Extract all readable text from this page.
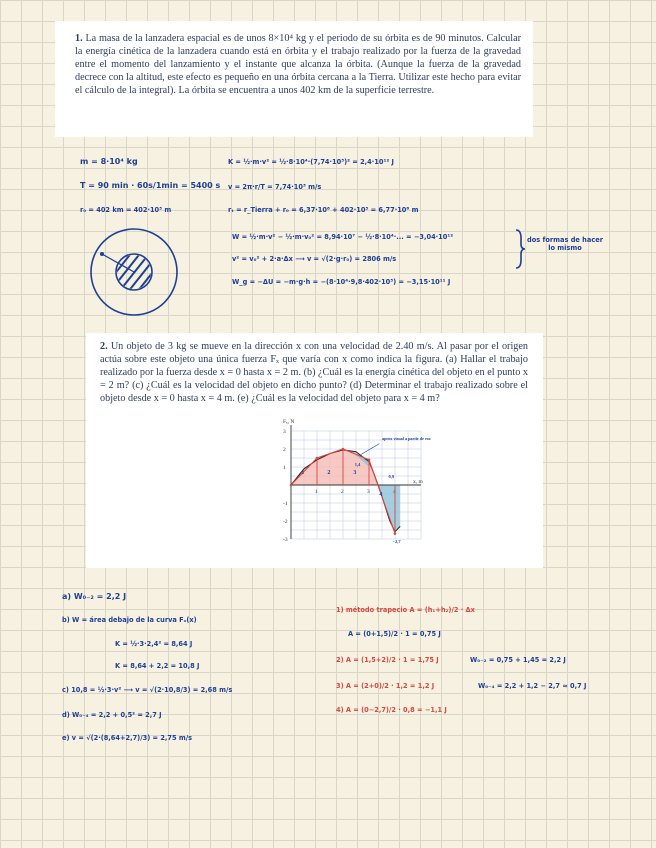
1. La masa de la lanzadera espacial es de unos 8×10⁴ kg y el periodo de su órbita es de 90 minutos. Calcular la energía cinética de la lanzadera cuando está en órbita y el trabajo realizado por la fuerza de la gravedad entre el momento del lanzamiento y el instante que alcanza la órbita. (Aunque la fuerza de la gravedad decrece con la altitud, este efecto es pequeño en una órbita cercana a la Tierra. Utilizar este hecho para evitar el cálculo de la integral). La órbita se encuentra a unos 402 km de la superficie terrestre.

m = 8·10⁴ kg
T = 90 min · 60s/1min = 5400 s
r₀ = 402 km = 402·10³ m
K = ½·m·v² = ½·8·10⁴·(7,74·10³)² = 2,4·10¹² J
v = 2π·r/T = 7,74·10³ m/s
rₜ = r_Tierra + r₀ = 6,37·10⁶ + 402·10³ = 6,77·10⁶ m
W = ½·m·v² − ½·m·v₀² = 8,94·10⁷ − ½·8·10⁴·... = −3,04·10¹²
v² = v₀² + 2·a·Δx ⟶ v = √(2·g·r₀) = 2806 m/s
W_g = −ΔU = −m·g·h = −(8·10⁴·9,8·402·10³) = −3,15·10¹¹ J
dos formas de hacer lo mismo

2. Un objeto de 3 kg se mueve en la dirección x con una velocidad de 2.40 m/s. Al pasar por el origen actúa sobre este objeto una única fuerza Fₓ que varía con x como indica la figura. (a) Hallar el trabajo realizado por la fuerza desde x = 0 hasta x = 2 m. (b) ¿Cuál es la energía cinética del objeto en el punto x = 2 m? (c) ¿Cuál es la velocidad del objeto en dicho punto? (d) Determinar el trabajo realizado sobre el objeto desde x = 0 hasta x = 4 m. (e) ¿Cuál es la velocidad del objeto para x = 4 m?

1	2	3	4
-3
-2
-1
1
2
3
x, m
Fₓ, N
1	2	3
4
aprox visual a partir de eso
0,9
1,4
−2,7
a) W₀₋₂ = 2,2 J
b) W = área debajo de la curva Fₓ(x)
K = ½·3·2,4² = 8,64 J
K = 8,64 + 2,2 = 10,8 J
c) 10,8 = ½·3·v² ⟶ v = √(2·10,8/3) = 2,68 m/s
d) W₀₋₄ = 2,2 + 0,5² = 2,7 J
e) v = √(2·(8,64+2,7)/3) = 2,75 m/s
1) método trapecio A = (h₁+h₂)/2 · Δx
A = (0+1,5)/2 · 1 = 0,75 J
2) A = (1,5+2)/2 · 1 = 1,75 J	W₀₋₂ = 0,75 + 1,45 = 2,2 J
3) A = (2+0)/2 · 1,2 = 1,2 J	W₀₋₄ = 2,2 + 1,2 − 2,7 ≈ 0,7 J
4) A = (0−2,7)/2 · 0,8 = −1,1 J
